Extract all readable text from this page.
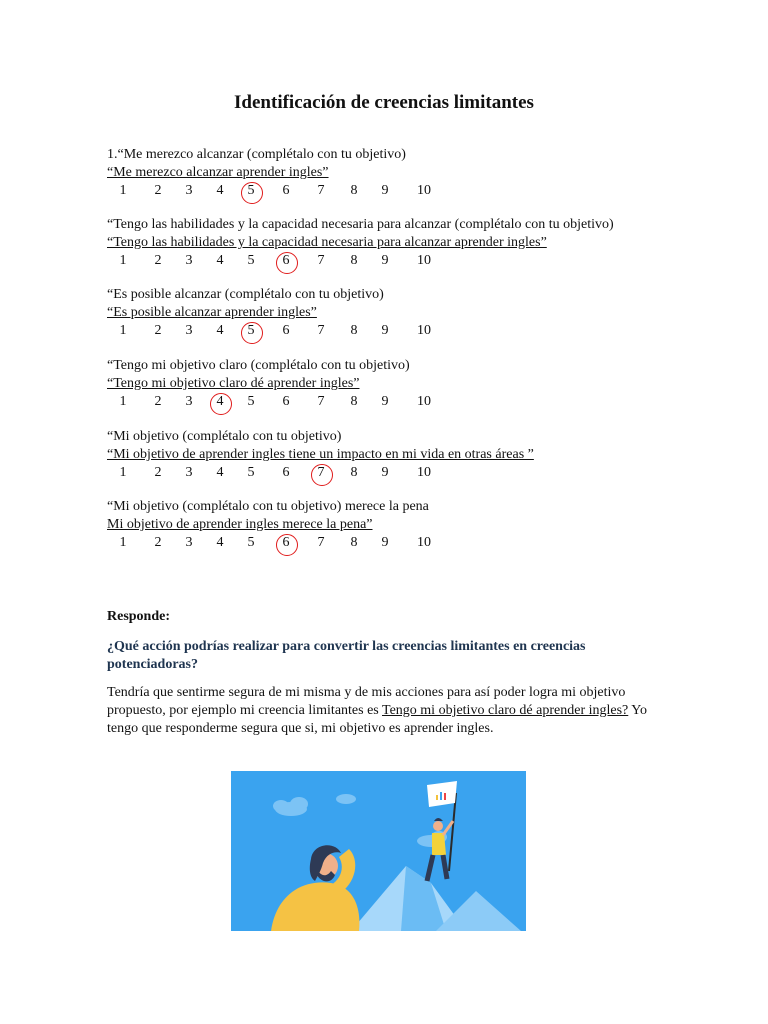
Identificación de creencias limitantes
1.“Me merezco alcanzar (complétalo con tu objetivo)
“Me merezco alcanzar aprender ingles”
1	2	3	4	5	6	7	8	9	10
“Tengo las habilidades y la capacidad necesaria para alcanzar (complétalo con tu objetivo)
“Tengo las habilidades y la capacidad necesaria para alcanzar aprender ingles”
1	2	3	4	5	6	7	8	9	10
“Es posible alcanzar (complétalo con tu objetivo)
“Es posible alcanzar aprender ingles”
1	2	3	4	5	6	7	8	9	10
“Tengo mi objetivo claro (complétalo con tu objetivo)
“Tengo mi objetivo claro dé aprender ingles”
1	2	3	4	5	6	7	8	9	10
“Mi objetivo (complétalo con tu objetivo)
“Mi objetivo de aprender ingles tiene un impacto en mi vida en otras áreas ”
1	2	3	4	5	6	7	8	9	10
“Mi objetivo (complétalo con tu objetivo) merece la pena
Mi objetivo de aprender ingles merece la pena”
1	2	3	4	5	6	7	8	9	10

Responde:

¿Qué acción podrías realizar para convertir las creencias limitantes en creencias potenciadoras?

Tendría que sentirme segura de mi misma y de mis acciones para así poder logra mi objetivo propuesto, por ejemplo mi creencia limitantes es Tengo mi objetivo claro dé aprender ingles? Yo tengo que responderme segura que si, mi objetivo es aprender ingles.
